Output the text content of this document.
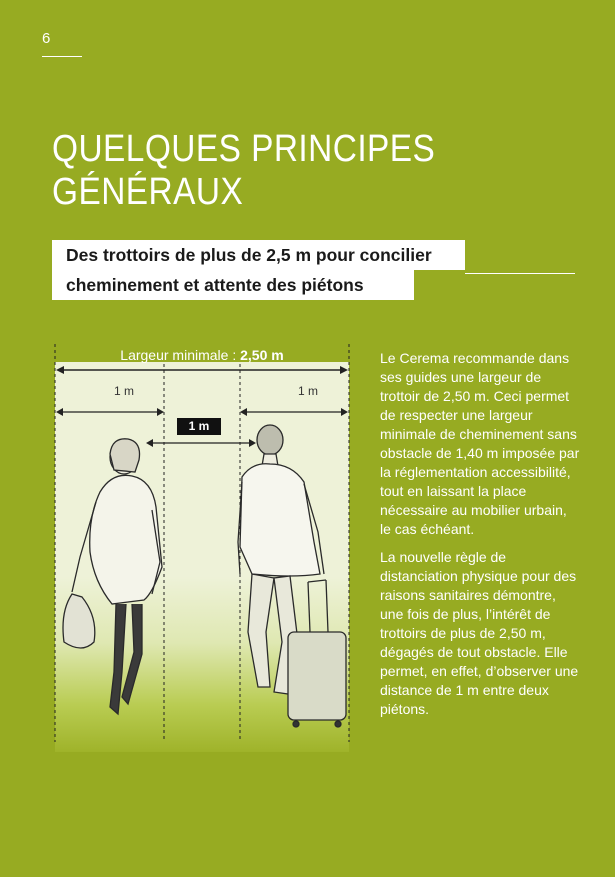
6
QUELQUES PRINCIPES
GÉNÉRAUX
Des trottoirs de plus de 2,5 m pour concilier
cheminement et attente des piétons
Largeur minimale : 2,50 m
1 m	1 m
1 m

Le Cerema recommande dans ses guides une largeur de trottoir de 2,50 m. Ceci permet de respecter une largeur minimale de cheminement sans obstacle de 1,40 m imposée par la réglementation accessibilité, tout en laissant la place nécessaire au mobilier urbain, le cas échéant.

La nouvelle règle de distanciation physique pour des raisons sanitaires démontre, une fois de plus, l’intérêt de trottoirs de plus de 2,50 m, dégagés de tout obstacle. Elle permet, en effet, d’observer une distance de 1 m entre deux piétons.
